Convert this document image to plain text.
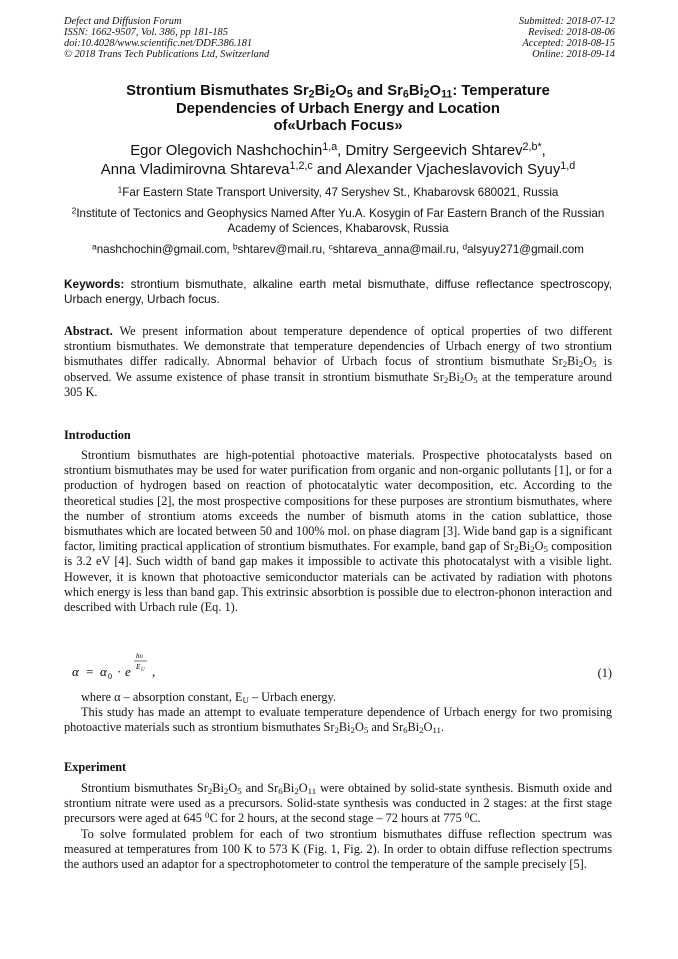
Defect and Diffusion Forum
ISSN: 1662-9507, Vol. 386, pp 181-185
doi:10.4028/www.scientific.net/DDF.386.181
© 2018 Trans Tech Publications Ltd, Switzerland
Submitted: 2018-07-12
Revised: 2018-08-06
Accepted: 2018-08-15
Online: 2018-09-14
Strontium Bismuthates $Sr_2Bi_2O_5$ and $Sr_6Bi_2O_{11}$: Temperature
Dependencies of Urbach Energy and Location
of«Urbach Focus»
Egor Olegovich Nashchochin$^{1,a}$, Dmitry Sergeevich Shtarev$^{2,b*}$,
Anna Vladimirovna Shtareva$^{1,2,c}$ and Alexander Vjacheslavovich Syuy$^{1,d}$
$^1$Far Eastern State Transport University, 47 Seryshev St., Khabarovsk 680021, Russia
$^2$Institute of Tectonics and Geophysics Named After Yu.A. Kosygin of Far Eastern Branch of the Russian Academy of Sciences, Khabarovsk, Russia
$^a$nashchochin@gmail.com, $^b$shtarev@mail.ru, $^c$shtareva_anna@mail.ru, $^d$alsyuy271@gmail.com
Keywords: strontium bismuthate, alkaline earth metal bismuthate, diffuse reflectance spectroscopy, Urbach energy, Urbach focus.
Abstract. We present information about temperature dependence of optical properties of two different strontium bismuthates. We demonstrate that temperature dependencies of Urbach energy of two strontium bismuthates differ radically. Abnormal behavior of Urbach focus of strontium bismuthate $Sr_2Bi_2O_5$ is observed. We assume existence of phase transit in strontium bismuthate $Sr_2Bi_2O_5$ at the temperature around 305 K.
Introduction

Strontium bismuthates are high-potential photoactive materials. Prospective photocatalysts based on strontium bismuthates may be used for water purification from organic and non-organic pollutants [1], or for a production of hydrogen based on reaction of photocatalytic water decomposition, etc. According to the theoretical studies [2], the most prospective compositions for these purposes are strontium bismuthates, where the number of strontium atoms exceeds the number of bismuth atoms in the cation sublattice, those bismuthates which are located between 50 and 100% mol. on phase diagram [3]. Wide band gap is a significant factor, limiting practical application of strontium bismuthates. For example, band gap of $Sr_2Bi_2O_5$ composition is 3.2 eV [4]. Such width of band gap makes it impossible to activate this photocatalyst with a visible light. However, it is known that photoactive semiconductor materials can be activated by radiation with photons which energy is less than band gap. This extrinsic absorbtion is possible due to electron-phonon interaction and described with Urbach rule (Eq. 1).

α = α 0 · e
hυ
E U ,	(1)

where α – absorption constant, $E_U$ – Urbach energy.

This study has made an attempt to evaluate temperature dependence of Urbach energy for two promising photoactive materials such as strontium bismuthates $Sr_2Bi_2O_5$ and $Sr_6Bi_2O_{11}$.

Experiment

Strontium bismuthates $Sr_2Bi_2O_5$ and $Sr_6Bi_2O_{11}$ were obtained by solid-state synthesis. Bismuth oxide and strontium nitrate were used as a precursors. Solid-state synthesis was conducted in 2 stages: at the first stage precursors were aged at 645 $^0$C for 2 hours, at the second stage – 72 hours at 775 $^0$C.

To solve formulated problem for each of two strontium bismuthates diffuse reflection spectrum was measured at temperatures from 100 K to 573 K (Fig. 1, Fig. 2). In order to obtain diffuse reflection spectrums the authors used an adaptor for a spectrophotometer to control the temperature of the sample precisely [5].
